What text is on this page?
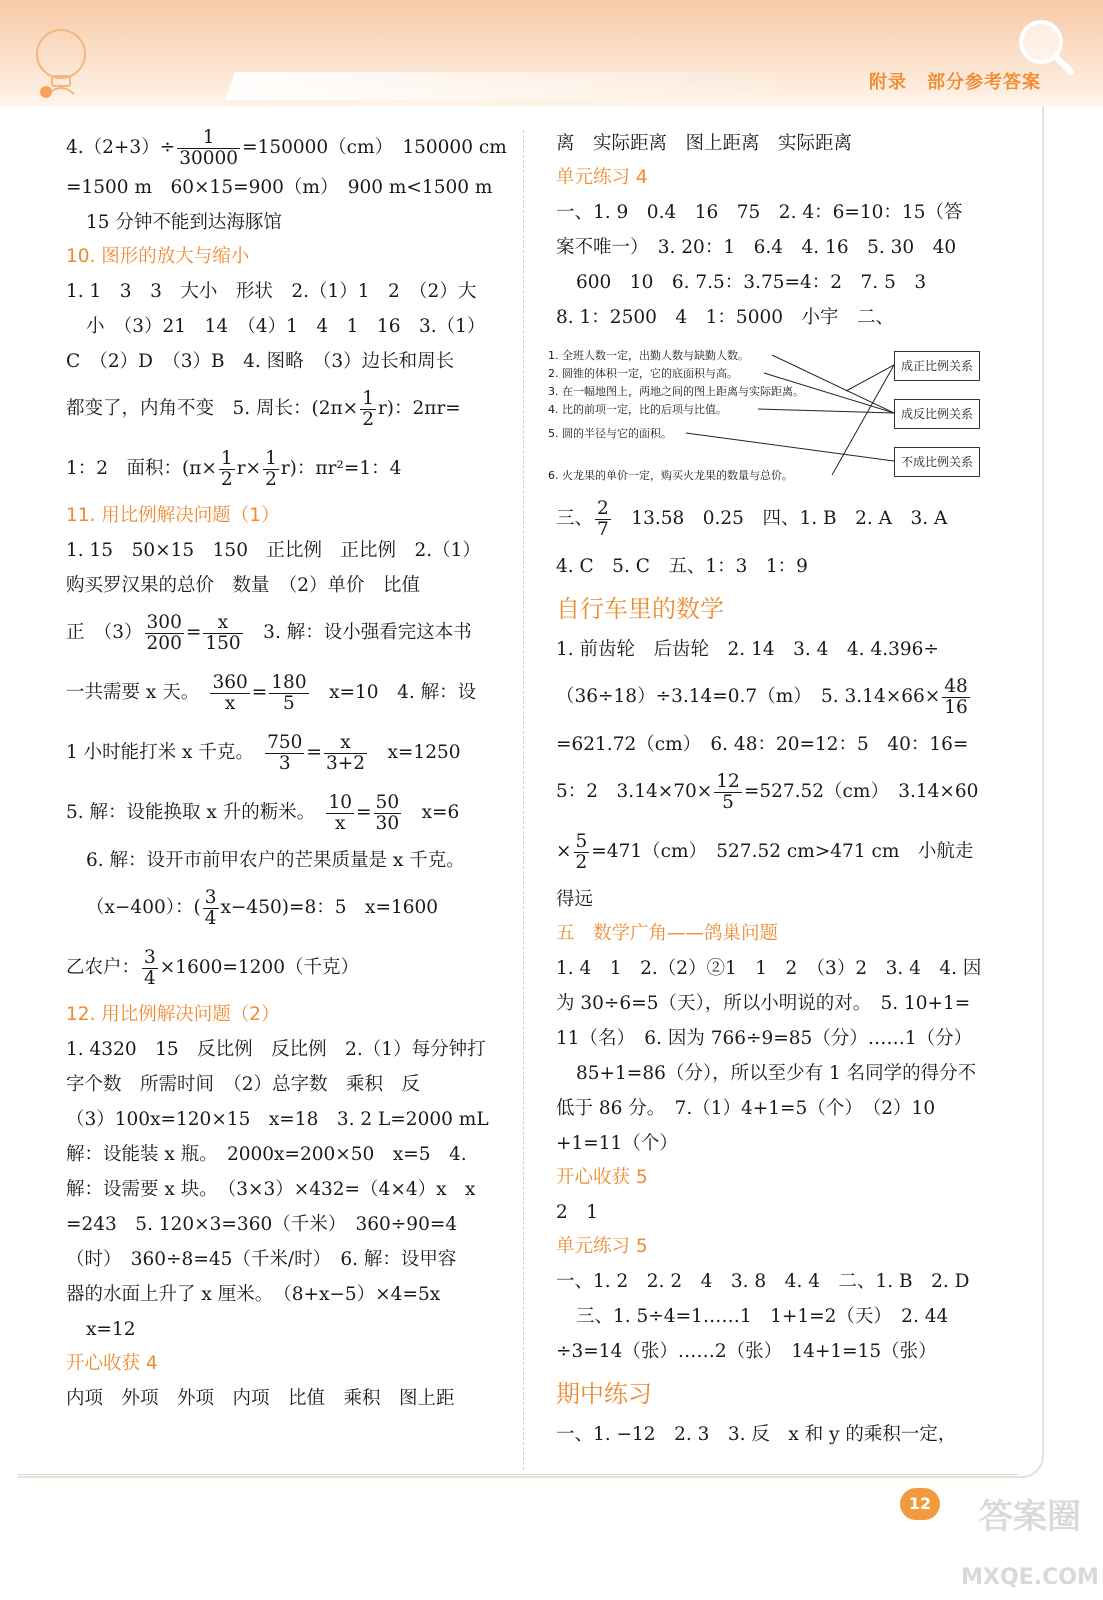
附录 部分参考答案
$4.(2+3)\div \frac{1}{30000} =150000(cm)$　150000 cm
=1500 m　60×15=900（m）　900 m<1500 m
15 分钟不能到达海豚馆
10. 图形的放大与缩小
1. 1　3　3　大小　形状　2.（1）1　2　（2）大
小　（3）21　14　（4）1　4　1　16　3.（1）
C　（2）D　（3）B　4. 图略　（3）边长和周长
都变了，内角不变　5. 周长：$(2\pi\times \frac{1}{2} r)$：2πr=
1：2　面积：$(\pi\times \frac{1}{2} r\times \frac{1}{2} r)$：πr²=1：4
11. 用比例解决问题（1）
1. 15　50×15　150　正比例　正比例　2.（1）
购买罗汉果的总价　数量　（2）单价　比值
正　$(3) \frac{300}{200} = \frac{x}{150}$ 　3. 解：设小强看完这本书
一共需要 x 天。　 $\frac{360}{x} = \frac{180}{5}$ 　x=10　4. 解：设
1 小时能打米 x 千克。　 $\frac{750}{3} = \frac{x}{3+2}$ 　x=1250
5. 解：设能换取 x 升的粝米。　 $\frac{10}{x} = \frac{50}{30}$ 　x=6
6. 解：设开市前甲农户的芒果质量是 x 千克。
（x−400）：( $\frac{3}{4} x-450)=8$：5　x=1600
乙农户： $\frac{3}{4} \times 1600=1200$（千克）
12. 用比例解决问题（2）
1. 4320　15　反比例　反比例　2.（1）每分钟打
字个数　所需时间　（2）总字数　乘积　反
（3）100x=120×15　x=18　3. 2 L=2000 mL
解：设能装 x 瓶。　2000x=200×50　x=5　4.
解：设需要 x 块。　（3×3）×432=（4×4）x　x
=243　5. 120×3=360（千米）　360÷90=4
（时）　360÷8=45（千米/时）　6. 解：设甲容
器的水面上升了 x 厘米。　（8+x−5）×4=5x
x=12
开心收获 4
内项　外项　外项　内项　比值　乘积　图上距
离　实际距离　图上距离　实际距离
单元练习 4
一、1. 9　0.4　16　75　2. 4：6=10：15（答
案不唯一）　3. 20：1　6.4　4. 16　5. 30　40
600　10　6. 7.5：3.75=4：2　7. 5　3
8. 1：2500　4　1：5000　小宇　二、
1. 全班人数一定，出勤人数与缺勤人数。
2. 圆锥的体积一定，它的底面积与高。
3. 在一幅地图上，两地之间的图上距离与实际距离。
4. 比的前项一定，比的后项与比值。
5. 圆的半径与它的面积。
6. 火龙果的单价一定，购买火龙果的数量与总价。
成正比例关系
成反比例关系
不成比例关系
三、 $\frac{2}{7}$ 　13.58　0.25　四、1. B　2. A　3. A
4. C　5. C　五、1：3　1：9
自行车里的数学
1. 前齿轮　后齿轮　2. 14　3. 4　4. 4.396÷
（36÷18）÷3.14=0.7（m）　5. $3.14\times 66\times \frac{48}{16}$
=621.72（cm）　6. 48：20=12：5　40：16=
5：2　$3.14\times 70\times \frac{12}{5} =527.52(cm)$　3.14×60
× $\frac{5}{2} =471(cm)$　527.52 cm>471 cm　小航走
得远
五　数学广角——鸽巢问题
1. 4　1　2.（2）②1　1　2　（3）2　3. 4　4. 因
为 30÷6=5（天），所以小明说的对。　5. 10+1=
11（名）　6. 因为 766÷9=85（分）……1（分）
85+1=86（分），所以至少有 1 名同学的得分不
低于 86 分。　7.（1）4+1=5（个）　（2）10
+1=11（个）
开心收获 5
2　1
单元练习 5
一、1. 2　2. 2　4　3. 8　4. 4　二、1. B　2. D
三、1. 5÷4=1……1　1+1=2（天）　2. 44
÷3=14（张）……2（张）　14+1=15（张）
期中练习
一、1. −12　2. 3　3. 反　x 和 y 的乘积一定，
12 答案圈
MXQE.COM
